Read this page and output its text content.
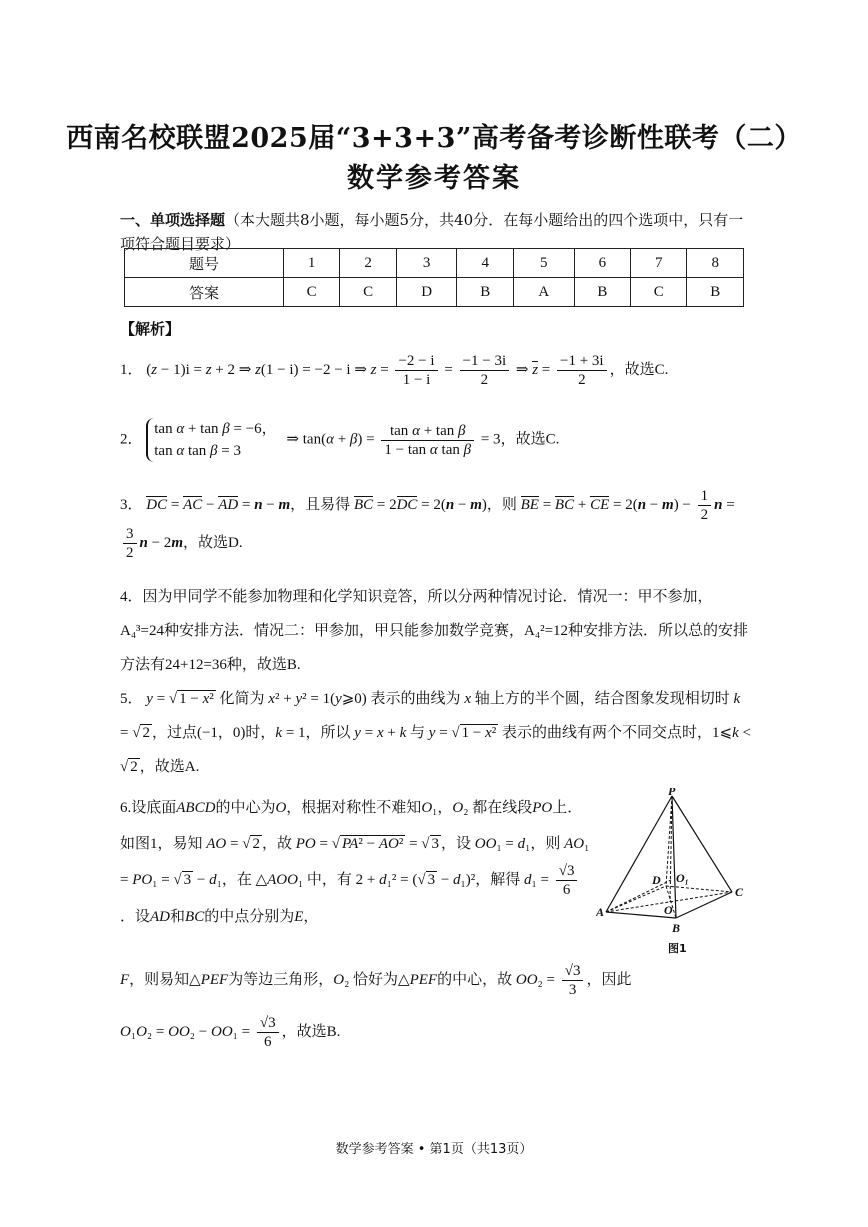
西南名校联盟2025届“3+3+3”高考备考诊断性联考（二）
数学参考答案
一、单项选择题（本大题共8小题，每小题5分，共40分．在每小题给出的四个选项中，只有一项符合题目要求）
题号	1	2	3	4	5	6	7	8
答案	C	C	D	B	A	B	C	B
【解析】
1． (z − 1)i = z + 2 ⇒ z(1 − i) = −2 − i ⇒ $z = \frac{-2 - i}{1 - i} = \frac{-1 - 3i}{2}$ ⇒ $z = \frac{-1 + 3i}{2}$ ，故选C.
2．
tan α + tan β = −6，
tan α tan β = 3
⇒ $\tan(\alpha + \beta) = \frac{\text{tan α + tan β}}{\text{1 − tan α tan β}} = 3$，故选C.
3． DC = AC − AD = n − m，且易得 BC = 2DC = 2(n − m)，则 BE = BC + CE = $2(n - m) - \frac{1}{2}$ n =

$\frac{3}{2}$ n − 2m，故选D.
4．因为甲同学不能参加物理和化学知识竞答，所以分两种情况讨论．情况一：甲不参加，A₄³=24种安排方法．情况二：甲参加，甲只能参加数学竞赛，A₄²=12种安排方法．所以总的安排方法有24+12=36种，故选B.
5． y = √ 1 − x² 化简为 x² + y² = 1(y⩾0) 表示的曲线为 x 轴上方的半个圆，结合图象发现相切时 k = √ 2 ，过点(−1，0)时，k = 1，所以 y = x + k 与 y = √ 1 − x² 表示的曲线有两个不同交点时，1⩽k < √ 2 ，故选A.
6.设底面ABCD的中心为O，根据对称性不难知O₁，O₂ 都在线段PO上．如图1，易知 AO = √ 2 ，故 PO = √ PA² − AO² = √ 3 ，设 OO₁ = d₁，则 AO₁ = PO₁ = √ 3 − d₁，在 △AOO₁ 中，有 2 + d₁² = (√ 3 − d₁)²，解得 $d_1 = \frac{√3}{6}$
．设AD和BC的中点分别为E，
F，则易知△PEF为等边三角形，O₂ 恰好为△PEF的中心，故 $OO_2 = \frac{√3}{3}$ ，因此
$O_1O_2 = OO_2 - OO_1 = \frac{√3}{6}$ ，故选B.
P
A
B
C
D
O
O₁
图1
数学参考答案 • 第1页（共13页）
